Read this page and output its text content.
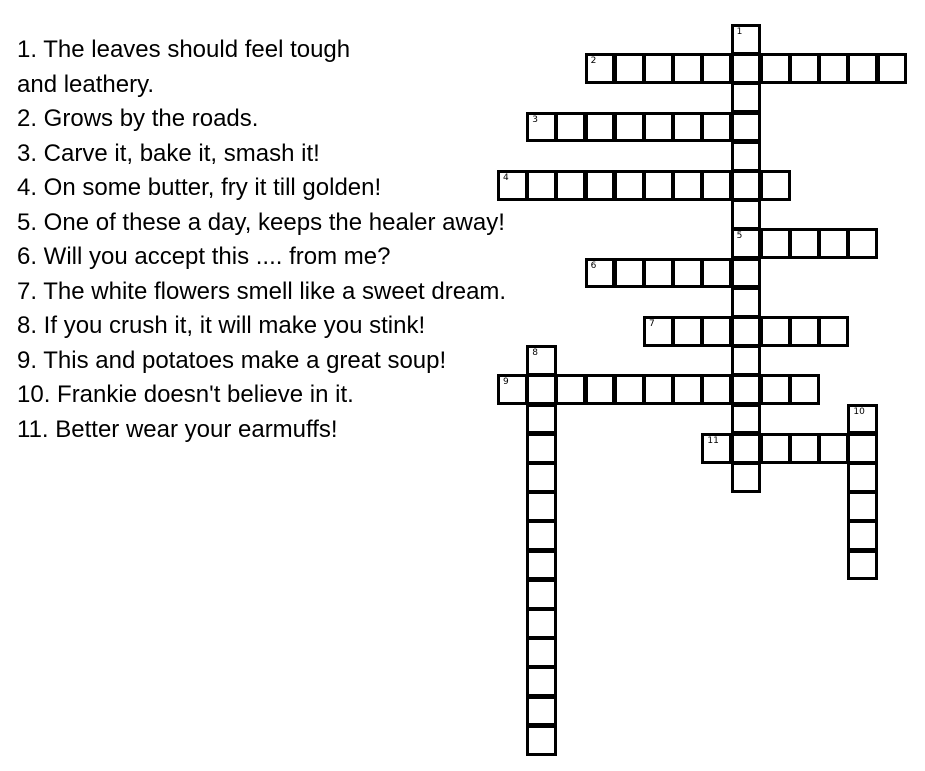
1. The leaves should feel tough and leathery.
2. Grows by the roads.
3. Carve it, bake it, smash it!
4. On some butter, fry it till golden!
5. One of these a day, keeps the healer away!
6. Will you accept this .... from me?
7. The white flowers smell like a sweet dream.
8. If you crush it, it will make you stink!
9. This and potatoes make a great soup!
10. Frankie doesn't believe in it.
11. Better wear your earmuffs!
1
5
2
3
4
6
7
8
9
10
11
